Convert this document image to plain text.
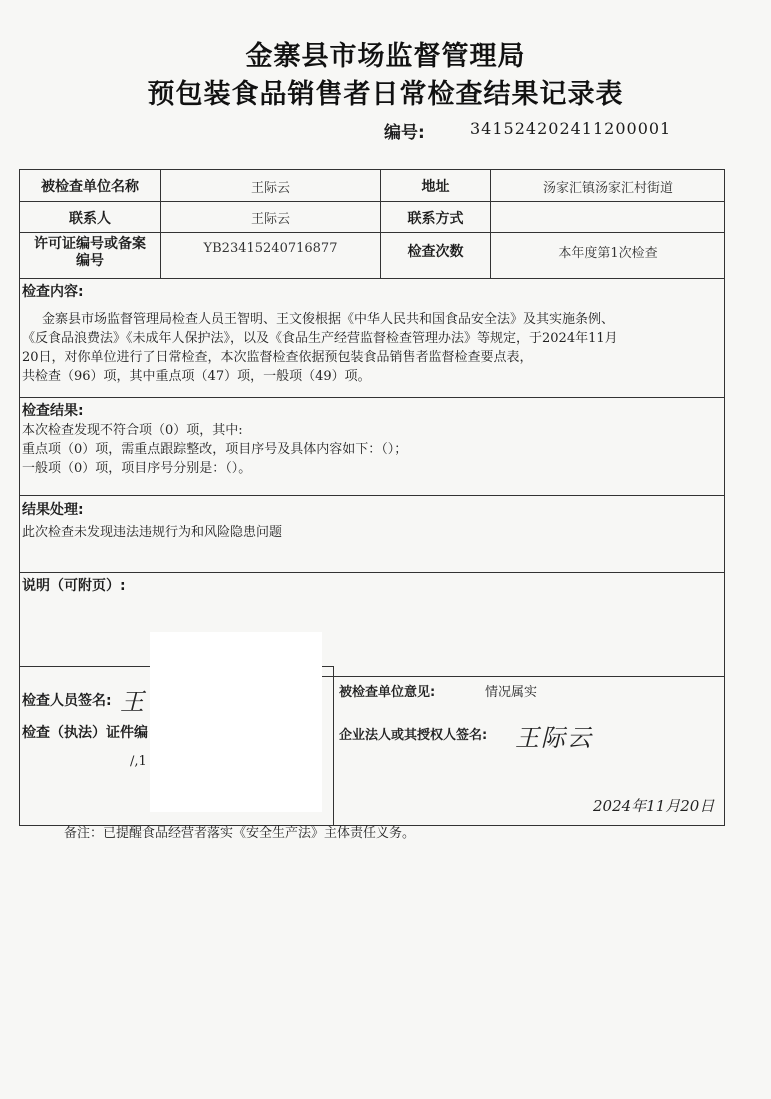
金寨县市场监督管理局
预包装食品销售者日常检查结果记录表
编号:	341524202411200001
被检查单位名称	王际云	地址	汤家汇镇汤家汇村街道
联系人	王际云	联系方式
许可证编号或备案
编号
YB23415240716877	检查次数	本年度第1次检查
检查内容:
金寨县市场监督管理局检查人员王智明、王文俊根据《中华人民共和国食品安全法》及其实施条例、
《反食品浪费法》《未成年人保护法》，以及《食品生产经营监督检查管理办法》等规定，于2024年11月
20日，对你单位进行了日常检查，本次监督检查依据预包装食品销售者监督检查要点表，
共检查（96）项，其中重点项（47）项，一般项（49）项。
检查结果:
本次检查发现不符合项（0）项，其中:
重点项（0）项，需重点跟踪整改，项目序号及具体内容如下：（）；
一般项（0）项，项目序号分别是：（）。
结果处理:
此次检查未发现违法违规行为和风险隐患问题
说明（可附页）:
检查人员签名: 王
检查（执法）证件编
/,1
被检查单位意见:	情况属实
企业法人或其授权人签名: 王际云
2024年11月20日
备注：已提醒食品经营者落实《安全生产法》主体责任义务。
